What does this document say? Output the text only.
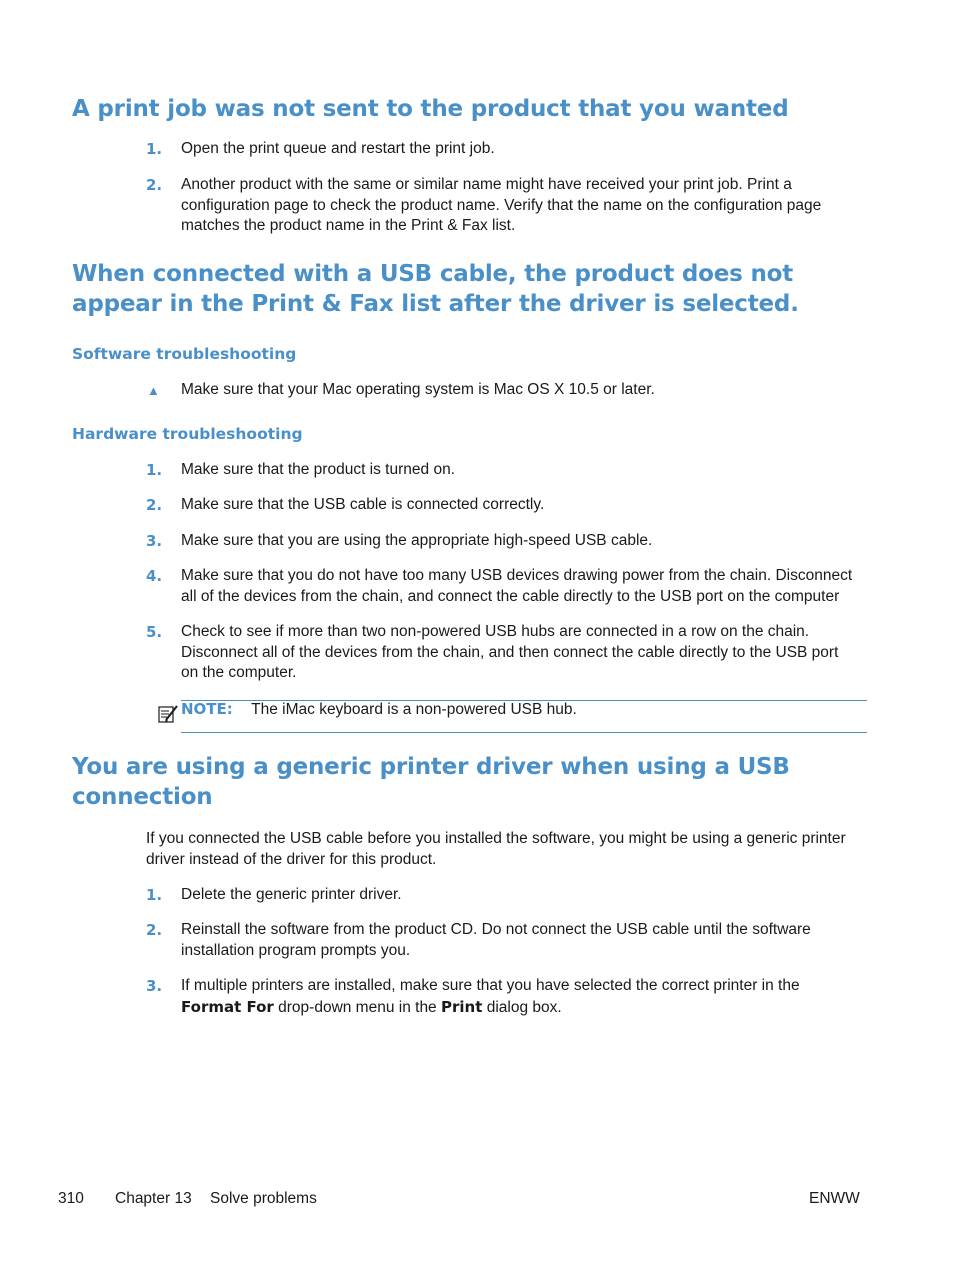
A print job was not sent to the product that you wanted
1. Open the print queue and restart the print job.
2. Another product with the same or similar name might have received your print job. Print a configuration page to check the product name. Verify that the name on the configuration page matches the product name in the Print & Fax list.
When connected with a USB cable, the product does not appear in the Print & Fax list after the driver is selected.
Software troubleshooting
▲ Make sure that your Mac operating system is Mac OS X 10.5 or later.
Hardware troubleshooting
1. Make sure that the product is turned on.
2. Make sure that the USB cable is connected correctly.
3. Make sure that you are using the appropriate high-speed USB cable.
4. Make sure that you do not have too many USB devices drawing power from the chain. Disconnect all of the devices from the chain, and connect the cable directly to the USB port on the computer
5. Check to see if more than two non-powered USB hubs are connected in a row on the chain. Disconnect all of the devices from the chain, and then connect the cable directly to the USB port on the computer.
NOTE: The iMac keyboard is a non-powered USB hub.
You are using a generic printer driver when using a USB connection
If you connected the USB cable before you installed the software, you might be using a generic printer driver instead of the driver for this product.
1. Delete the generic printer driver.
2. Reinstall the software from the product CD. Do not connect the USB cable until the software installation program prompts you.
3. If multiple printers are installed, make sure that you have selected the correct printer in the Format For drop-down menu in the Print dialog box.
310 Chapter 13 Solve problems	ENWW
